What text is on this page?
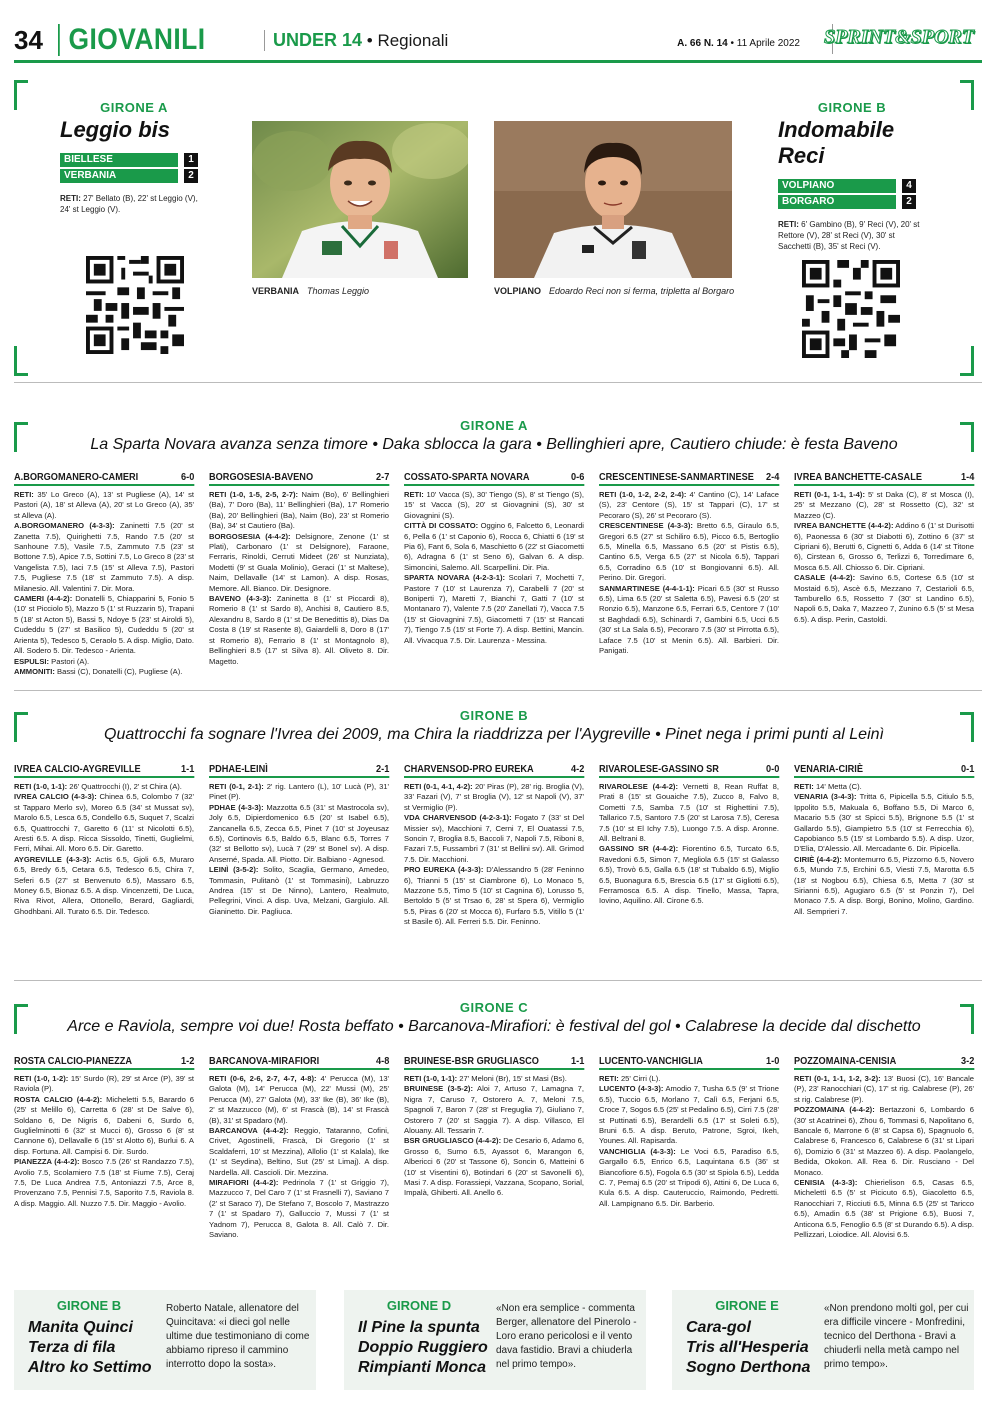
34 GIOVANILI	UNDER 14 • Regionali	A. 66 N. 14 • 11 Aprile 2022 SPRINT&SPORT
GIRONE A
Leggio bis
BIELLESE	1
VERBANIA	2
RETI: 27' Bellato (B), 22' st Leggio (V), 24' st Leggio (V).
VERBANIA Thomas Leggio	VOLPIANO Edoardo Reci non si ferma, tripletta al Borgaro
GIRONE B
Indomabile Reci
VOLPIANO	4
BORGARO	2
RETI: 6' Gambino (B), 9' Reci (V), 20' st Rettore (V), 28' st Reci (V), 30' st Sacchetti (B), 35' st Reci (V).
GIRONE A
La Sparta Novara avanza senza timore • Daka sblocca la gara • Bellinghieri apre, Cautiero chiude: è festa Baveno
A.BORGOMANERO-CAMERI	6-0

RETI: 35' Lo Greco (A), 13' st Pugliese (A), 14' st Pastori (A), 18' st Alleva (A), 20' st Lo Greco (A), 35' st Alleva (A).

A.BORGOMANERO (4-3-3): Zaninetti 7.5 (20' st Zanetta 7.5), Quirighetti 7.5, Rando 7.5 (20' st Sanhoune 7.5), Vasile 7.5, Zammuto 7.5 (23' st Bottone 7.5), Apice 7.5, Sottini 7.5, Lo Greco 8 (23' st Vangelista 7.5), Iaci 7.5 (15' st Alleva 7.5), Pastori 7.5, Pugliese 7.5 (18' st Zammuto 7.5). A disp. Milanesio. All. Valentini 7. Dir. Mora.

CAMERI (4-4-2): Donatelli 5, Chiapparini 5, Fonio 5 (10' st Picciolo 5), Mazzo 5 (1' st Ruzzarin 5), Trapani 5 (18' st Acton 5), Bassi 5, Ndoye 5 (23' st Airoldi 5), Cudeddu 5 (27' st Basilico 5), Cudeddu 5 (20' st Arienta 5), Tedesco 5, Ceraolo 5. A disp. Miglio, Dato. All. Sodero 5. Dir. Tedesco - Arienta.

ESPULSI: Pastori (A).

AMMONITI: Bassi (C), Donatelli (C), Pugliese (A).

BORGOSESIA-BAVENO	2-7

RETI (1-0, 1-5, 2-5, 2-7): Naim (Bo), 6' Bellinghieri (Ba), 7' Doro (Ba), 11' Bellinghieri (Ba), 17' Romerio (Ba), 20' Bellinghieri (Ba), Naim (Bo), 23' st Romerio (Ba), 34' st Cautiero (Ba).

BORGOSESIA (4-4-2): Delsignore, Zenone (1' st Plati), Carbonaro (1' st Delsignore), Faraone, Ferraris, Rinoldi, Cerruti Mideet (26' st Nunziata), Modetti (9' st Guala Molinio), Geraci (1' st Maltese), Naim, Dellavalle (14' st Lamon). A disp. Rosas, Memore. All. Bianco. Dir. Designore.

BAVENO (4-3-3): Zaninetta 8 (1' st Piccardi 8), Romerio 8 (1' st Sardo 8), Anchisi 8, Cautiero 8.5, Alexandru 8, Sardo 8 (1' st De Benedittis 8), Dias Da Costa 8 (19' st Rasente 8), Gaiardelli 8, Doro 8 (17' st Romerio 8), Ferrario 8 (1' st Montagnolo 8), Bellinghieri 8.5 (17' st Silva 8). All. Oliveto 8. Dir. Magetto.

COSSATO-SPARTA NOVARA	0-6

RETI: 10' Vacca (S), 30' Tiengo (S), 8' st Tiengo (S), 15' st Vacca (S), 20' st Giovagnini (S), 30' st Giovagnini (S).

CITTÀ DI COSSATO: Oggino 6, Falcetto 6, Leonardi 6, Pella 6 (1' st Caponio 6), Rocca 6, Chiatti 6 (19' st Pia 6), Fant 6, Sola 6, Maschietto 6 (22' st Giacometti 6), Adragna 6 (1' st Seno 6), Galvan 6. A disp. Simoncini, Salemo. All. Scarpellini. Dir. Pia.

SPARTA NOVARA (4-2-3-1): Scolari 7, Mochetti 7, Pastore 7 (10' st Laurenza 7), Carabelli 7 (20' st Boniperti 7), Maretti 7, Bianchi 7, Gatti 7 (10' st Montanaro 7), Valente 7.5 (20' Zanellati 7), Vacca 7.5 (15' st Giovagnini 7.5), Giacometti 7 (15' st Rancati 7), Tiengo 7.5 (15' st Forte 7). A disp. Bettini, Mancin. All. Vivacqua 7.5. Dir. Laurenza - Messina.

CRESCENTINESE-SANMARTINESE 2-4

RETI (1-0, 1-2, 2-2, 2-4): 4' Cantino (C), 14' Laface (S), 23' Centore (S), 15' st Tappari (C), 17' st Pecoraro (S), 26' st Pecoraro (S).

CRESCENTINESE (4-3-3): Bretto 6.5, Giraulo 6.5, Gregori 6.5 (27' st Schiliro 6.5), Picco 6.5, Bertoglio 6.5, Minella 6.5, Massano 6.5 (20' st Pistis 6.5), Cantino 6.5, Verga 6.5 (27' st Nicola 6.5), Tappari 6.5, Corradino 6.5 (10' st Bongiovanni 6.5). All. Perino. Dir. Gregori.

SANMARTINESE (4-4-1-1): Picari 6.5 (30' st Russo 6.5), Lima 6.5 (20' st Saletta 6.5), Pavesi 6.5 (20' st Ronzio 6.5), Manzone 6.5, Ferrari 6.5, Centore 7 (10' st Baghdadi 6.5), Schinardi 7, Gambini 6.5, Ucci 6.5 (30' st La Sala 6.5), Pecoraro 7.5 (30' st Pirrotta 6.5), Laface 7.5 (10' st Menin 6.5). All. Barbieri. Dir. Panigati.

IVREA BANCHETTE-CASALE	1-4

RETI (0-1, 1-1, 1-4): 5' st Daka (C), 8' st Mosca (I), 25' st Mezzano (C), 28' st Rossetto (C), 32' st Mazzeo (C).

IVREA BANCHETTE (4-4-2): Addino 6 (1' st Durisotti 6), Paonessa 6 (30' st Diabotti 6), Zottino 6 (37' st Cipriani 6), Berutti 6, Cignetti 6, Adda 6 (14' st Titone 6), Cirstean 6, Grosso 6, Terlizzi 6, Torredimare 6, Mosca 6.5. All. Chiosso 6. Dir. Cipriani.

CASALE (4-4-2): Savino 6.5, Cortese 6.5 (10' st Mostaid 6.5), Ascè 6.5, Mezzano 7, Cestarioli 6.5, Tamburello 6.5, Rossetto 7 (30' st Landino 6.5), Napoli 6.5, Daka 7, Mazzeo 7, Zunino 6.5 (5' st Mesa 6.5). A disp. Perin, Castoldi.

GIRONE B
Quattrocchi fa sognare l'Ivrea dei 2009, ma Chira la riaddrizza per l'Aygreville • Pinet nega i primi punti al Leinì
IVREA CALCIO-AYGREVILLE	1-1

RETI (1-0, 1-1): 26' Quattrocchi (I), 2' st Chira (A).

IVREA CALCIO (4-3-3): Chinea 6.5, Colombo 7 (32' st Tapparo Merlo sv), Moreo 6.5 (34' st Mussat sv), Marolo 6.5, Lesca 6.5, Condello 6.5, Suquet 7, Scalzi 6.5, Quattrocchi 7, Garetto 6 (11' st Nicolotti 6.5), Aresti 6.5. A disp. Ricca Sissoldo, Tinetti, Guglielmi, Ferri, Mihai. All. Moro 6.5. Dir. Garetto.

AYGREVILLE (4-3-3): Actis 6.5, Gjoli 6.5, Muraro 6.5, Bredy 6.5, Cetara 6.5, Tedesco 6.5, Chira 7, Seferi 6.5 (27' st Benvenuto 6.5), Massaro 6.5, Money 6.5, Bionaz 6.5. A disp. Vincenzetti, De Luca, Riva Rivot, Allera, Ottonello, Berard, Gagliardi, Ghodhbani. All. Turato 6.5. Dir. Tedesco.

PDHAE-LEINÌ	2-1

RETI (0-1, 2-1): 2' rig. Lantero (L), 10' Lucà (P), 31' Pinet (P).

PDHAE (4-3-3): Mazzotta 6.5 (31' st Mastrocola sv), Joly 6.5, Dipierdomenico 6.5 (20' st Isabel 6.5), Zancanella 6.5, Zecca 6.5, Pinet 7 (10' st Joyeusaz 6.5), Cortinovis 6.5, Baldo 6.5, Blanc 6.5, Torres 7 (32' st Bellotto sv), Lucà 7 (29' st Bonel sv). A disp. Anserné, Spada. All. Piotto. Dir. Balbiano - Agnesod.

LEINÌ (3-5-2): Solito, Scaglia, Germano, Amedeo, Tommasin, Pulitanò (1' st Tommasini), Labruzzo Andrea (15' st De Ninno), Lantero, Realmuto, Pellegrini, Vinci. A disp. Uva, Melzani, Gargiulo. All. Gianinetto. Dir. Pagliuca.

CHARVENSOD-PRO EUREKA	4-2

RETI (0-1, 4-1, 4-2): 20' Piras (P), 28' rig. Broglia (V), 33' Fazari (V), 7' st Broglia (V), 12' st Napoli (V), 37' st Vermiglio (P).

VDA CHARVENSOD (4-2-3-1): Fogato 7 (33' st Del Missier sv), Macchioni 7, Cerni 7, El Ouatassi 7.5, Soncin 7, Broglia 8.5, Baccoli 7, Napoli 7.5, Riboni 8, Fazari 7.5, Fussambri 7 (31' st Bellini sv). All. Grimod 7.5. Dir. Macchioni.

PRO EUREKA (4-3-3): D'Alessandro 5 (28' Feninno 6), Trianni 5 (15' st Ciambrone 6), Lo Monaco 5, Mazzone 5.5, Timo 5 (10' st Cagnina 6), Lorusso 5, Bertoldo 5 (5' st Trsao 6, 28' st Spera 6), Vermiglio 5.5, Piras 6 (20' st Mocca 6), Furfaro 5.5, Vitillo 5 (1' st Basile 6). All. Ferreri 5.5. Dir. Feninno.

RIVAROLESE-GASSINO SR	0-0

RIVAROLESE (4-4-2): Vernetti 8, Rean Ruffat 8, Prati 8 (15' st Gouaiche 7.5), Zucco 8, Falvo 8, Cometti 7.5, Samba 7.5 (10' st Righettini 7.5), Tallarico 7.5, Santoro 7.5 (20' st Larosa 7.5), Ceresa 7.5 (10' st El Ichy 7.5), Luongo 7.5. A disp. Aronne. All. Beltrani 8.

GASSINO SR (4-4-2): Fiorentino 6.5, Turcato 6.5, Ravedoni 6.5, Simon 7, Megliola 6.5 (15' st Galasso 6.5), Trovò 6.5, Galla 6.5 (18' st Tubaldo 6.5), Miglio 6.5, Buonagura 6.5, Brescia 6.5 (17' st Gigliotti 6.5), Ferramosca 6.5. A disp. Tinello, Massa, Tapra, Iovino, Aquilino. All. Cirone 6.5.

VENARIA-CIRIÈ	0-1

RETI: 14' Metta (C).

VENARIA (3-4-3): Tritta 6, Pipicella 5.5, Citiulo 5.5, Ippolito 5.5, Makuala 6, Boffano 5.5, Di Marco 6, Macario 5.5 (30' st Spicci 5.5), Brignone 5.5 (1' st Gallardo 5.5), Giampietro 5.5 (10' st Ferrecchia 6), Capobianco 5.5 (15' st Lombardo 5.5). A disp. Uzor, D'Elia, D'Alessio. All. Mercadante 6. Dir. Pipicella.

CIRIÈ (4-4-2): Montemurro 6.5, Pizzorno 6.5, Novero 6.5, Mundo 7.5, Erchini 6.5, Viesti 7.5, Marotta 6.5 (18' st Nogbou 6.5), Chiesa 6.5, Metta 7 (30' st Sirianni 6.5), Agugiaro 6.5 (5' st Ponzin 7), Del Monaco 7.5. A disp. Borgi, Bonino, Molino, Gardino. All. Semprieri 7.

GIRONE C
Arce e Raviola, sempre voi due! Rosta beffato • Barcanova-Mirafiori: è festival del gol • Calabrese la decide dal dischetto
ROSTA CALCIO-PIANEZZA	1-2

RETI (1-0, 1-2): 15' Surdo (R), 29' st Arce (P), 39' st Raviola (P).

ROSTA CALCIO (4-4-2): Micheletti 5.5, Barardo 6 (25' st Melillo 6), Carretta 6 (28' st De Salve 6), Soldano 6, De Nigris 6, Dabeni 6, Surdo 6, Guglielminotti 6 (32' st Mucci 6), Grosso 6 (8' st Cannone 6), Dellavalle 6 (15' st Alotto 6), Burlui 6. A disp. Fortuna. All. Campisi 6. Dir. Surdo.

PIANEZZA (4-4-2): Bosco 7.5 (26' st Randazzo 7.5), Avolio 7.5, Scolamiero 7.5 (18' st Fiume 7.5), Ceraj 7.5, De Luca Andrea 7.5, Antoniazzi 7.5, Arce 8, Provenzano 7.5, Pennisi 7.5, Saporito 7.5, Raviola 8. A disp. Maggio. All. Nuzzo 7.5. Dir. Maggio - Avolio.

BARCANOVA-MIRAFIORI	4-8

RETI (0-6, 2-6, 2-7, 4-7, 4-8): 4' Perucca (M), 13' Galota (M), 14' Perucca (M), 22' Mussi (M), 25' Perucca (M), 27' Galota (M), 33' Ike (B), 36' Ike (B), 2' st Mazzucco (M), 6' st Frascà (B), 14' st Frascà (B), 31' st Spadaro (M).

BARCANOVA (4-4-2): Reggio, Tataranno, Cofini, Crivet, Agostinelli, Frascà, Di Gregorio (1' st Scaldaferri, 10' st Mezzina), Allolio (1' st Kalala), Ike (1' st Seydina), Beltino, Sut (25' st Limaj). A disp. Nardella. All. Cascioli. Dir. Mezzina.

MIRAFIORI (4-4-2): Pedrinola 7 (1' st Griggio 7), Mazzucco 7, Del Caro 7 (1' st Frasnelli 7), Saviano 7 (2' st Saraco 7), De Stefano 7, Boscolo 7, Mastrazzo 7 (1' st Spadaro 7), Galluccio 7, Mussi 7 (1' st Yadnom 7), Perucca 8, Galota 8. All. Calò 7. Dir. Saviano.

BRUINESE-BSR GRUGLIASCO	1-1

RETI (1-0, 1-1): 27' Meloni (Br), 15' st Masi (Bs).

BRUINESE (3-5-2): Aloi 7, Artuso 7, Lamagna 7, Nigra 7, Caruso 7, Ostorero A. 7, Meloni 7.5, Spagnoli 7, Baron 7 (28' st Fregugliа 7), Giuliano 7, Ostorero 7 (20' st Saggia 7). A disp. Villasco, El Alouany. All. Tessarin 7.

BSR GRUGLIASCO (4-4-2): De Cesario 6, Adamo 6, Grosso 6, Surno 6.5, Ayassot 6, Marangon 6, Albericci 6 (20' st Tassone 6), Soncin 6, Matteini 6 (10' st Visentini 6), Botindari 6 (20' st Savonelli 6), Masi 7. A disp. Forassiepi, Vazzana, Scopano, Sorial, Impalà, Ghiberti. All. Anello 6.

LUCENTO-VANCHIGLIA	1-0

RETI: 25' Cirri (L).

LUCENTO (4-3-3): Amodio 7, Tusha 6.5 (9' st Trione 6.5), Tuccio 6.5, Morlano 7, Calì 6.5, Ferjani 6.5, Croce 7, Sogos 6.5 (25' st Pedalino 6.5), Cirri 7.5 (28' st Puttinati 6.5), Berardelli 6.5 (17' st Soleti 6.5), Bruni 6.5. A disp. Beruto, Patrone, Sgroi, Ikeh, Younes. All. Rapisarda.

VANCHIGLIA (4-3-3): Le Voci 6.5, Paradiso 6.5, Gargallo 6.5, Enrico 6.5, Laquintana 6.5 (36' st Biancofiore 6.5), Fogola 6.5 (30' st Spiola 6.5), Ledda C. 7, Pemaj 6.5 (20' st Tripodi 6), Attini 6, De Luca 6, Kula 6.5. A disp. Cauteruccio, Raimondo, Pedretti. All. Lampignano 6.5. Dir. Barberio.

POZZOMAINA-CENISIA	3-2

RETI (0-1, 1-1, 1-2, 3-2): 13' Buosi (C), 16' Bancale (P), 23' Ranocchiari (C), 17' st rig. Calabrese (P), 26' st rig. Calabrese (P).

POZZOMAINA (4-4-2): Bertazzoni 6, Lombardo 6 (30' st Acatrinei 6), Zhou 6, Tommasi 6, Napolitano 6, Bancale 6, Marrone 6 (8' st Capsa 6), Spagnuolo 6, Calabrese 6, Francesco 6, Calabrese 6 (31' st Lipari 6), Domizio 6 (31' st Mazzeo 6). A disp. Paolangelo, Bedida, Okokon. All. Rea 6. Dir. Rusciano - Del Monaco.

CENISIA (4-3-3): Chierielison 6.5, Casas 6.5, Michelettì 6.5 (5' st Picicuto 6.5), Giacoletto 6.5, Ranocchiari 7, Ricciuti 6.5, Minna 6.5 (25' st Taricco 6.5), Amadin 6.5 (38' st Prigione 6.5), Buosi 7, Anticona 6.5, Fenoglio 6.5 (8' st Durando 6.5). A disp. Pellizzari, Loiodice. All. Alovisi 6.5.

GIRONE B
Manita Quinci
Terza di fila
Altro ko Settimo
Roberto Natale, allenatore del Quincitava: «i dieci gol nelle ultime due testimoniano di come abbiamo ripreso il cammino interrotto dopo la sosta».
GIRONE D
Il Pine la spunta
Doppio Ruggiero
Rimpianti Monca
«Non era semplice - commenta Berger, allenatore del Pinerolo - Loro erano pericolosi e il vento dava fastidio. Bravi a chiuderla nel primo tempo».
GIRONE E
Cara-gol
Tris all'Hesperia
Sogno Derthona
«Non prendono molti gol, per cui era difficile vincere - Monfredini, tecnico del Derthona - Bravi a chiuderli nella metà campo nel primo tempo».
